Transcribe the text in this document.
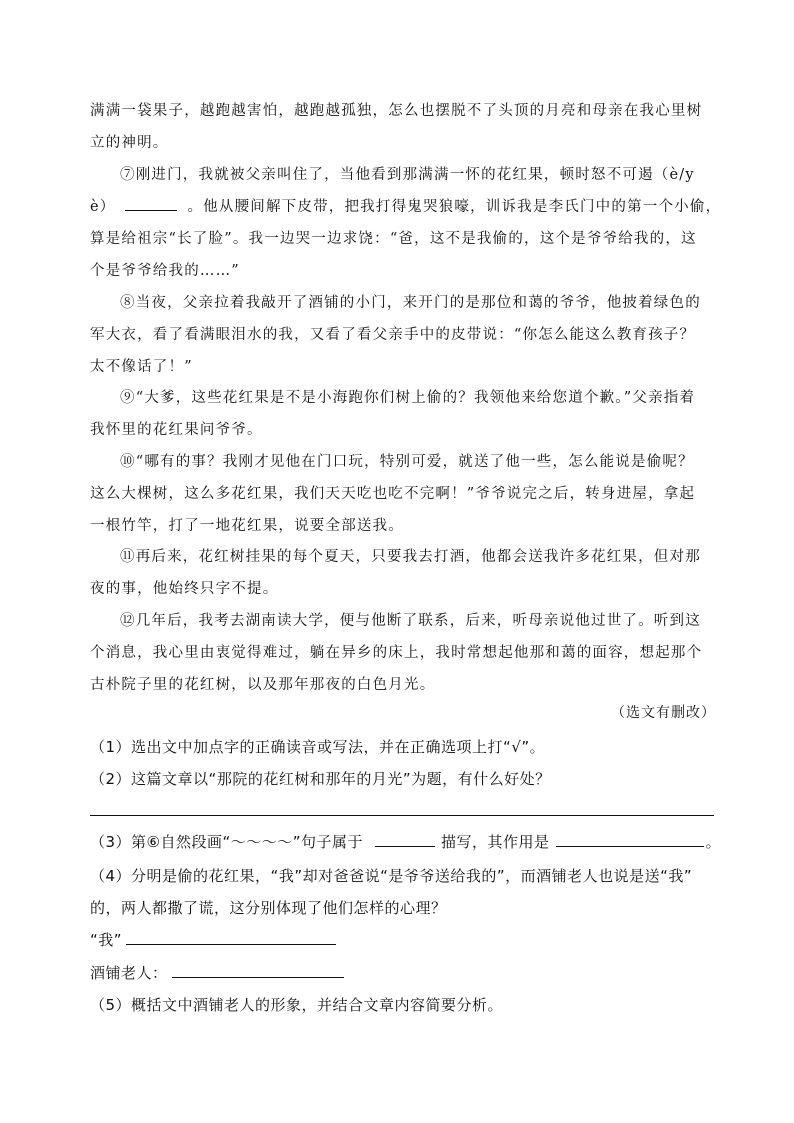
满满一袋果子，越跑越害怕，越跑越孤独，怎么也摆脱不了头顶的月亮和母亲在我心里树
立的神明。

⑦刚进门，我就被父亲叫住了，当他看到那满满一怀的花红果，顿时怒不可遏（è/y
è）	。他从腰间解下皮带，把我打得鬼哭狼嚎，训诉我是李氏门中的第一个小偷，
算是给祖宗“长了脸”。我一边哭一边求饶：“爸，这不是我偷的，这个是爷爷给我的，这
个是爷爷给我的……”

⑧当夜，父亲拉着我敲开了酒铺的小门，来开门的是那位和蔼的爷爷，他披着绿色的
军大衣，看了看满眼泪水的我，又看了看父亲手中的皮带说：“你怎么能这么教育孩子？
太不像话了！”

⑨“大爹，这些花红果是不是小海跑你们树上偷的？我领他来给您道个歉。”父亲指着
我怀里的花红果问爷爷。

⑩“哪有的事？我刚才见他在门口玩，特别可爱，就送了他一些，怎么能说是偷呢？
这么大棵树，这么多花红果，我们天天吃也吃不完啊！”爷爷说完之后，转身进屋，拿起
一根竹竿，打了一地花红果，说要全部送我。

⑪再后来，花红树挂果的每个夏天，只要我去打酒，他都会送我许多花红果，但对那
夜的事，他始终只字不提。

⑫几年后，我考去湖南读大学，便与他断了联系，后来，听母亲说他过世了。听到这
个消息，我心里由衷觉得难过，躺在异乡的床上，我时常想起他那和蔼的面容，想起那个
古朴院子里的花红树，以及那年那夜的白色月光。

（选文有删改）

（1）选出文中加点字的正确读音或写法，并在正确选项上打“√”。

（2）这篇文章以“那院的花红树和那年的月光”为题，有什么好处？

（3）第⑥自然段画“～～～～”句子属于	描写，其作用是	。

（4）分明是偷的花红果，“我”却对爸爸说“是爷爷送给我的”，而酒铺老人也说是送“我”
的，两人都撒了谎，这分别体现了他们怎样的心理？

“我”

酒铺老人：

（5）概括文中酒铺老人的形象，并结合文章内容简要分析。
